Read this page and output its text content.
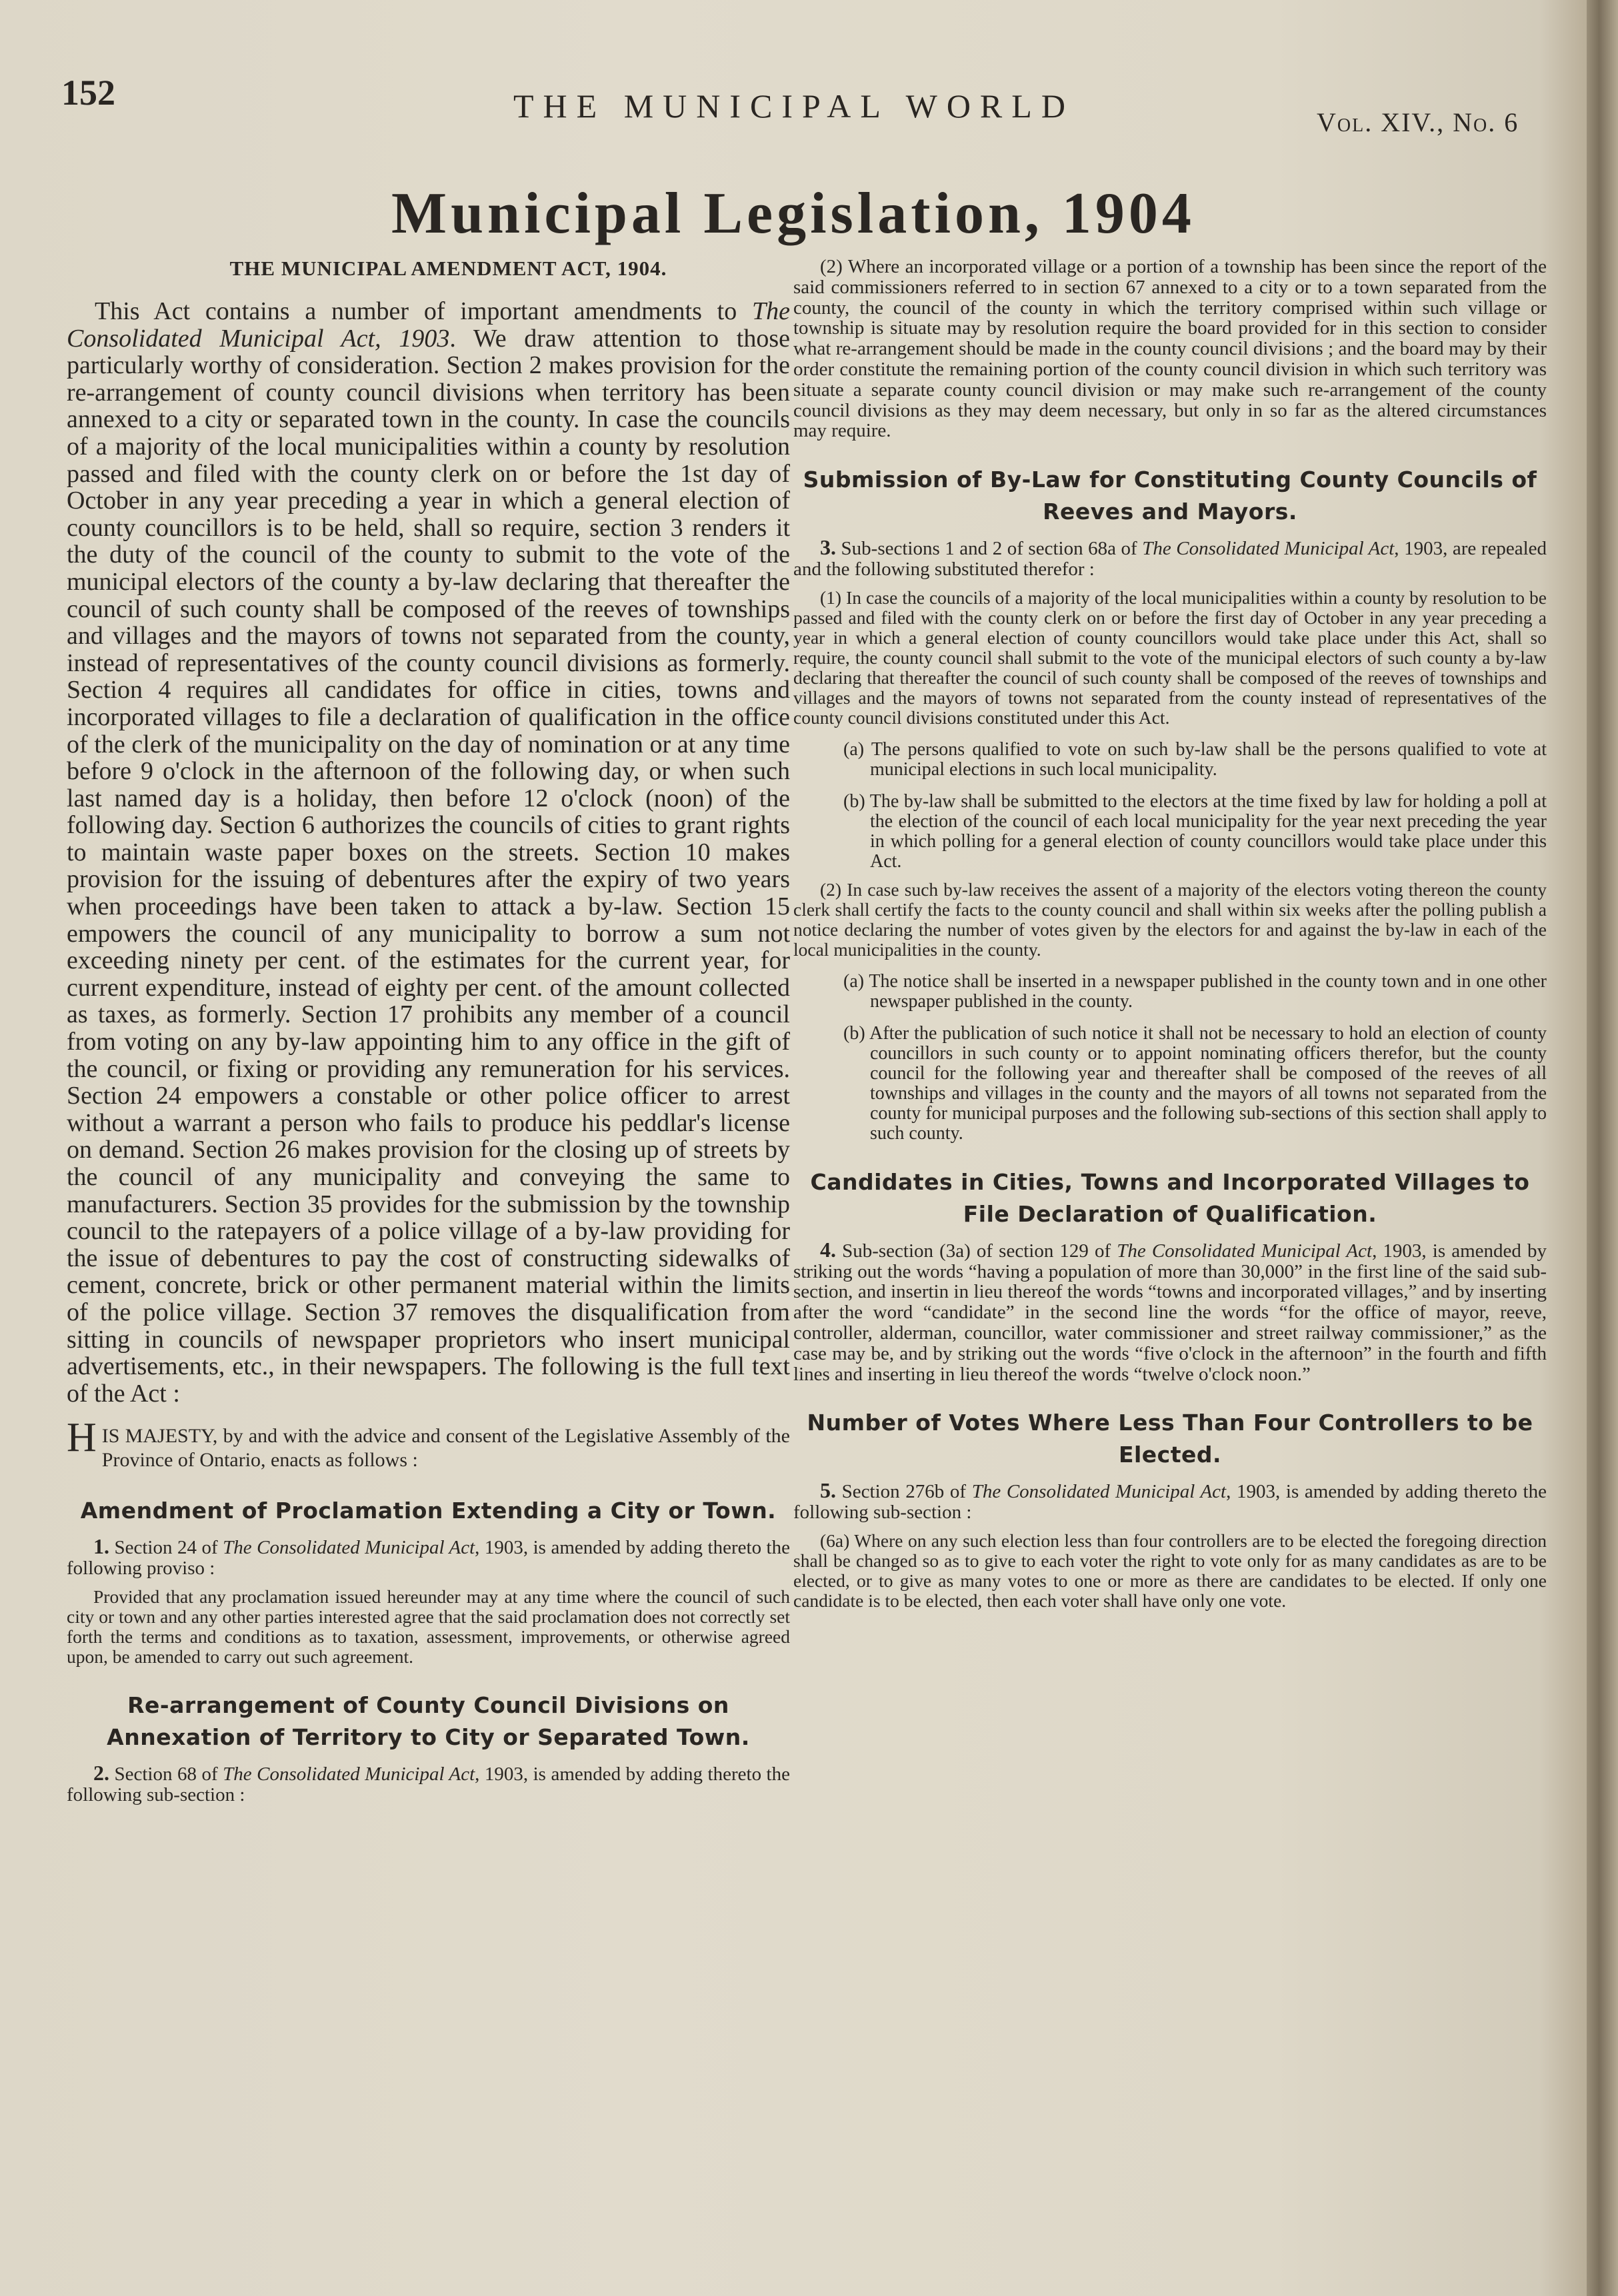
152	THE MUNICIPAL WORLD	Vol. XIV., No. 6
Municipal Legislation, 1904
THE MUNICIPAL AMENDMENT ACT, 1904.

This Act contains a number of important amendments to The Consolidated Municipal Act, 1903. We draw attention to those particularly worthy of consideration. Section 2 makes provision for the re-arrangement of county council divisions when territory has been annexed to a city or separated town in the county. In case the councils of a majority of the local municipalities within a county by resolution passed and filed with the county clerk on or before the 1st day of October in any year preceding a year in which a general election of county councillors is to be held, shall so require, section 3 renders it the duty of the council of the county to submit to the vote of the municipal electors of the county a by-law declaring that thereafter the council of such county shall be composed of the reeves of townships and villages and the mayors of towns not separated from the county, instead of representatives of the county council divisions as formerly. Section 4 requires all candidates for office in cities, towns and incorporated villages to file a declaration of qualification in the office of the clerk of the municipality on the day of nomination or at any time before 9 o'clock in the afternoon of the following day, or when such last named day is a holiday, then before 12 o'clock (noon) of the following day. Section 6 authorizes the councils of cities to grant rights to maintain waste paper boxes on the streets. Section 10 makes provision for the issuing of debentures after the expiry of two years when proceedings have been taken to attack a by-law. Section 15 empowers the council of any municipality to borrow a sum not exceeding ninety per cent. of the estimates for the current year, for current expenditure, instead of eighty per cent. of the amount collected as taxes, as formerly. Section 17 prohibits any member of a council from voting on any by-law appointing him to any office in the gift of the council, or fixing or providing any remuneration for his services. Section 24 empowers a constable or other police officer to arrest without a warrant a person who fails to produce his peddlar's license on demand. Section 26 makes provision for the closing up of streets by the council of any municipality and conveying the same to manufacturers. Section 35 provides for the submission by the township council to the ratepayers of a police village of a by-law providing for the issue of debentures to pay the cost of constructing sidewalks of cement, concrete, brick or other permanent material within the limits of the police village. Section 37 removes the disqualification from sitting in councils of newspaper proprietors who insert municipal advertisements, etc., in their newspapers. The following is the full text of the Act :

HIS MAJESTY, by and with the advice and consent of the Legislative Assembly of the Province of Ontario, enacts as follows :

Amendment of Proclamation Extending a City or Town.

1. Section 24 of The Consolidated Municipal Act, 1903, is amended by adding thereto the following proviso :

Provided that any proclamation issued hereunder may at any time where the council of such city or town and any other parties interested agree that the said proclamation does not correctly set forth the terms and conditions as to taxation, assessment, improvements, or otherwise agreed upon, be amended to carry out such agreement.

Re-arrangement of County Council Divisions on Annexation of Territory to City or Separated Town.

2. Section 68 of The Consolidated Municipal Act, 1903, is amended by adding thereto the following sub-section :

(2) Where an incorporated village or a portion of a township has been since the report of the said commissioners referred to in section 67 annexed to a city or to a town separated from the county, the council of the county in which the territory comprised within such village or township is situate may by resolution require the board provided for in this section to consider what re-arrangement should be made in the county council divisions ; and the board may by their order constitute the remaining portion of the county council division in which such territory was situate a separate county council division or may make such re-arrangement of the county council divisions as they may deem necessary, but only in so far as the altered circumstances may require.

Submission of By-Law for Constituting County Councils of Reeves and Mayors.

3. Sub-sections 1 and 2 of section 68a of The Consolidated Municipal Act, 1903, are repealed and the following substituted therefor :

(1) In case the councils of a majority of the local municipalities within a county by resolution to be passed and filed with the county clerk on or before the first day of October in any year preceding a year in which a general election of county councillors would take place under this Act, shall so require, the county council shall submit to the vote of the municipal electors of such county a by-law declaring that thereafter the council of such county shall be composed of the reeves of townships and villages and the mayors of towns not separated from the county instead of representatives of the county council divisions constituted under this Act.

(a) The persons qualified to vote on such by-law shall be the persons qualified to vote at municipal elections in such local municipality.

(b) The by-law shall be submitted to the electors at the time fixed by law for holding a poll at the election of the council of each local municipality for the year next preceding the year in which polling for a general election of county councillors would take place under this Act.

(2) In case such by-law receives the assent of a majority of the electors voting thereon the county clerk shall certify the facts to the county council and shall within six weeks after the polling publish a notice declaring the number of votes given by the electors for and against the by-law in each of the local municipalities in the county.

(a) The notice shall be inserted in a newspaper published in the county town and in one other newspaper published in the county.

(b) After the publication of such notice it shall not be necessary to hold an election of county councillors in such county or to appoint nominating officers therefor, but the county council for the following year and thereafter shall be composed of the reeves of all townships and villages in the county and the mayors of all towns not separated from the county for municipal purposes and the following sub-sections of this section shall apply to such county.

Candidates in Cities, Towns and Incorporated Villages to File Declaration of Qualification.

4. Sub-section (3a) of section 129 of The Consolidated Municipal Act, 1903, is amended by striking out the words “having a population of more than 30,000” in the first line of the said sub-section, and insertin in lieu thereof the words “towns and incorporated villages,” and by inserting after the word “candidate” in the second line the words “for the office of mayor, reeve, controller, alderman, councillor, water commissioner and street railway commissioner,” as the case may be, and by striking out the words “five o'clock in the afternoon” in the fourth and fifth lines and inserting in lieu thereof the words “twelve o'clock noon.”

Number of Votes Where Less Than Four Controllers to be Elected.

5. Section 276b of The Consolidated Municipal Act, 1903, is amended by adding thereto the following sub-section :

(6a) Where on any such election less than four controllers are to be elected the foregoing direction shall be changed so as to give to each voter the right to vote only for as many candidates as are to be elected, or to give as many votes to one or more as there are candidates to be elected. If only one candidate is to be elected, then each voter shall have only one vote.
